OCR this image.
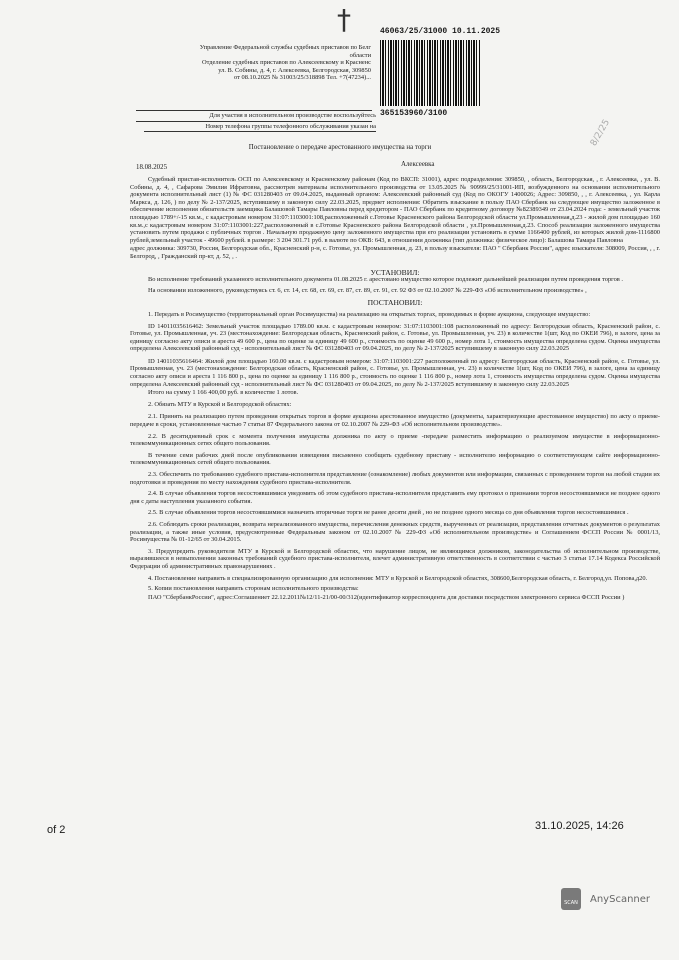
†
8/2/25

Управление Федеральной службы судебных приставов по Белг

области

Отделение судебных приставов по Алексеевскому и Красненс

ул. В. Собины, д. 4, г. Алексеевка, Белгородская, 309850

от 08.10.2025 № 31003/25/318898 Тел. +7(47234)...

Для участия в исполнительном производстве воспользуйтесь
Номер телефона группы телефонного обслуживания указан на
46063/25/31000 10.11.2025
365153960/3100
Постановление о передаче арестованного имущества на торги
18.08.2025	Алексеевка

Судебный пристав-исполнитель ОСП по Алексеевскому и Красненскому районам (Код по ВКСП: 31001), адрес подразделения: 309850, , область, Белгородская, , г. Алексеевка, , ул. В. Собины, д. 4, , Сафарова Эмилия Ифратовна, рассмотрев материалы исполнительного производства от 13.05.2025 № 90999/25/31001-ИП, возбужденного на основании исполнительного документа исполнительный лист (1) № ФС 031280403 от 09.04.2025, выданный органом: Алексеевский районный суд (Код по ОКОГУ 1400026; Адрес: 309850, , , г. Алексеевка, , ул. Карла Маркса, д. 126, ) по делу № 2-137/2025, вступившему в законную силу 22.03.2025, предмет исполнения: Обратить взыскание в пользу ПАО Сбербанк на следующее имущество заложенное в обеспечение исполнения обязательств заемщика Балашовой Тамары Павловны перед кредитором - ПАО Сбербанк по кредитному договору №82389349 от 23.04.2024 года: - земельный участок площадью 1789+/-15 кв.м., с кадастровым номером 31:07:1103001:108,расположенный с.Готовье Красненского района Белгородской области ул.Промышленная,д.23 - жилой дом площадью 160 кв.м.,с кадастровым номером 31:07:1103001:227,расположенный в с.Готовье Красненского района Белгородской области , ул.Промышленная,д.23. Способ реализации заложенного имущества установить путем продажи с публичных торгов . Начальную продажную цену заложенного имущества при его реализации установить в сумме 1166400 рублей, из которых жилой дом-1116800 рублей,земельный участок - 49600 рублей. в размере: 3 204 301.71 руб. в валюте по ОКВ: 643, в отношении должника (тип должника: физическое лицо): Балашова Тамара Павловна

адрес должника: 309730, Россия, Белгородская обл., Красненский р-н, с. Готовье, ул. Промышленная, д. 23, в пользу взыскателя: ПАО " Сбербанк России", адрес взыскателя: 308009, Россия, , , г. Белгород, , Гражданский пр-кт, д. 52, , .

УСТАНОВИЛ:

Во исполнение требований указанного исполнительного документа 01.08.2025 г. арестовано имущество которое подлежит дальнейшей реализации путем проведения торгов .

На основании изложенного, руководствуясь ст. 6, ст. 14, ст. 68, ст. 69, ст. 87, ст. 89, ст. 91, ст. 92 ФЗ от 02.10.2007 № 229-ФЗ «Об исполнительном производстве» ,

ПОСТАНОВИЛ:

1. Передать в Росимущество (территориальный орган Росимущества) на реализацию на открытых торгах, проводимых в форме аукциона, следующее имущество:

ID 14011035616462: Земельный участок площадью 1789.00 кв.м. с кадастровым номером: 31:07:1103001:108 расположенный по адресу: Белгородская область, Красненский район, с. Готовье, ул. Промышленная, уч. 23 (местонахождение: Белгородская область, Красненский район, с. Готовье, ул. Промышленная, уч. 23) в количестве 1(шт, Код по ОКЕИ 796), в залоге, цена за единицу согласно акту описи и ареста 49 600 р., цена по оценке за единицу 49 600 р., стоимость по оценке 49 600 р., номер лота 1, стоимость имущества определена судом. Оценка имущества определена Алексеевский районный суд - исполнительный лист № ФС 031280403 от 09.04.2025, по делу № 2-137/2025 вступившему в законную силу 22.03.2025

ID 14011035616464: Жилой дом площадью 160.00 кв.м. с кадастровым номером: 31:07:1103001:227 расположенный по адресу: Белгородская область, Красненский район, с. Готовье, ул. Промышленная, уч. 23 (местонахождение: Белгородская область, Красненский район, с. Готовье, ул. Промышленная, уч. 23) в количестве 1(шт, Код по ОКЕИ 796), в залоге, цена за единицу согласно акту описи и ареста 1 116 800 р., цена по оценке за единицу 1 116 800 р., стоимость по оценке 1 116 800 р., номер лота 1, стоимость имущества определена судом. Оценка имущества определена Алексеевский районный суд - исполнительный лист № ФС 031280403 от 09.04.2025, по делу № 2-137/2025 вступившему в законную силу 22.03.2025

Итого на сумму 1 166 400,00 руб. в количестве 1 лотов.

2. Обязать МТУ в Курской и Белгородской областях:

2.1. Принять на реализацию путем проведения открытых торгов в форме аукциона арестованное имущество (документы, характеризующие арестованное имущество) по акту о приеме-передаче в сроки, установленные частью 7 статьи 87 Федерального закона от 02.10.2007 № 229-ФЗ «Об исполнительном производстве».

2.2. В десятидневный срок с момента получения имущества должника по акту о приеме -передаче разместить информацию о реализуемом имуществе в информационно-телекоммуникационных сетях общего пользования.

В течение семи рабочих дней после опубликования извещения письменно сообщить судебному приставу - исполнителю информацию о соответствующем сайте информационно-телекоммуникационных сетей общего пользования.

2.3. Обеспечить по требованию судебного пристава-исполнителя представление (ознакомление) любых документов или информации, связанных с проведением торгов на любой стадии их подготовки и проведения по месту нахождения судебного пристава-исполнителя.

2.4. В случае объявления торгов несостоявшимися уведомить об этом судебного пристава-исполнителя представить ему протокол о признании торгов несостоявшимися не позднее одного дня с даты наступления указанного события.

2.5. В случае объявления торгов несостоявшимися назначить вторичные торги не ранее десяти дней , но не позднее одного месяца со дня объявления торгов несостоявшимися .

2.6. Соблюдать сроки реализации, возврата нереализованного имущества, перечисления денежных средств, вырученных от реализации, представления отчетных документов о результатах реализации, а также иные условия, предусмотренные Федеральным законом от 02.10.2007 № 229-ФЗ «Об исполнительном производстве» и Соглашением ФССП России № 0001/13, Росимущества № 01-12/65 от 30.04.2015.

3. Предупредить руководителя МТУ в Курской и Белгородской областях, что нарушение лицом, не являющимся должником, законодательства об исполнительном производстве, выразившееся в невыполнении законных требований судебного пристава-исполнителя, влечет административную ответственность в соответствии с частью 3 статьи 17.14 Кодекса Российской Федерации об административных правонарушениях .

4. Постановление направить в специализированную организацию для исполнения: МТУ в Курской и Белгородской областях, 308600,Белгородская область, г. Белгород,ул. Попова,д20.

5. Копии постановления направить сторонам исполнительного производства:

ПАО "СбербанкРоссии", адрес:Соглашениет 22.12.2011№12/11-21/00-00/312(идентификатор корреспондента для доставки посредством электронного сервиса ФССП России )

of 2	31.10.2025, 14:26
SCAN	AnyScanner
